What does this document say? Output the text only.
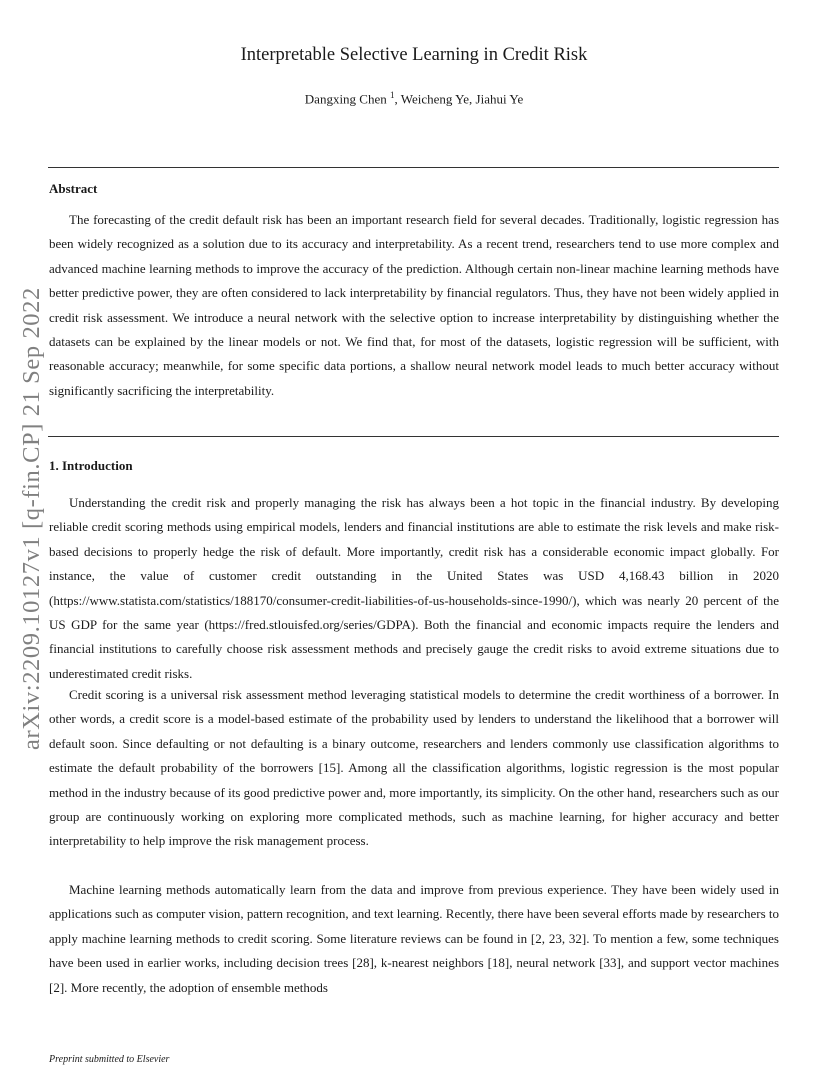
arXiv:2209.10127v1 [q-fin.CP] 21 Sep 2022
Interpretable Selective Learning in Credit Risk
Dangxing Chen $^1$, Weicheng Ye, Jiahui Ye
Abstract

The forecasting of the credit default risk has been an important research field for several decades. Traditionally, logistic regression has been widely recognized as a solution due to its accuracy and interpretability. As a recent trend, researchers tend to use more complex and advanced machine learning methods to improve the accuracy of the prediction. Although certain non-linear machine learning methods have better predictive power, they are often considered to lack interpretability by financial regulators. Thus, they have not been widely applied in credit risk assessment. We introduce a neural network with the selective option to increase interpretability by distinguishing whether the datasets can be explained by the linear models or not. We find that, for most of the datasets, logistic regression will be sufficient, with reasonable accuracy; meanwhile, for some specific data portions, a shallow neural network model leads to much better accuracy without significantly sacrificing the interpretability.

1. Introduction

Understanding the credit risk and properly managing the risk has always been a hot topic in the financial industry. By developing reliable credit scoring methods using empirical models, lenders and financial institutions are able to estimate the risk levels and make risk-based decisions to properly hedge the risk of default. More importantly, credit risk has a considerable economic impact globally. For instance, the value of customer credit outstanding in the United States was USD 4,168.43 billion in 2020 (https://www.statista.com/statistics/188170/consumer-credit-liabilities-of-us-households-since-1990/), which was nearly 20 percent of the US GDP for the same year (https://fred.stlouisfed.org/series/GDPA). Both the financial and economic impacts require the lenders and financial institutions to carefully choose risk assessment methods and precisely gauge the credit risks to avoid extreme situations due to underestimated credit risks.

Credit scoring is a universal risk assessment method leveraging statistical models to determine the credit worthiness of a borrower. In other words, a credit score is a model-based estimate of the probability used by lenders to understand the likelihood that a borrower will default soon. Since defaulting or not defaulting is a binary outcome, researchers and lenders commonly use classification algorithms to estimate the default probability of the borrowers [15]. Among all the classification algorithms, logistic regression is the most popular method in the industry because of its good predictive power and, more importantly, its simplicity. On the other hand, researchers such as our group are continuously working on exploring more complicated methods, such as machine learning, for higher accuracy and better interpretability to help improve the risk management process.

Machine learning methods automatically learn from the data and improve from previous experience. They have been widely used in applications such as computer vision, pattern recognition, and text learning. Recently, there have been several efforts made by researchers to apply machine learning methods to credit scoring. Some literature reviews can be found in [2, 23, 32]. To mention a few, some techniques have been used in earlier works, including decision trees [28], k-nearest neighbors [18], neural network [33], and support vector machines [2]. More recently, the adoption of ensemble methods

Preprint submitted to Elsevier
